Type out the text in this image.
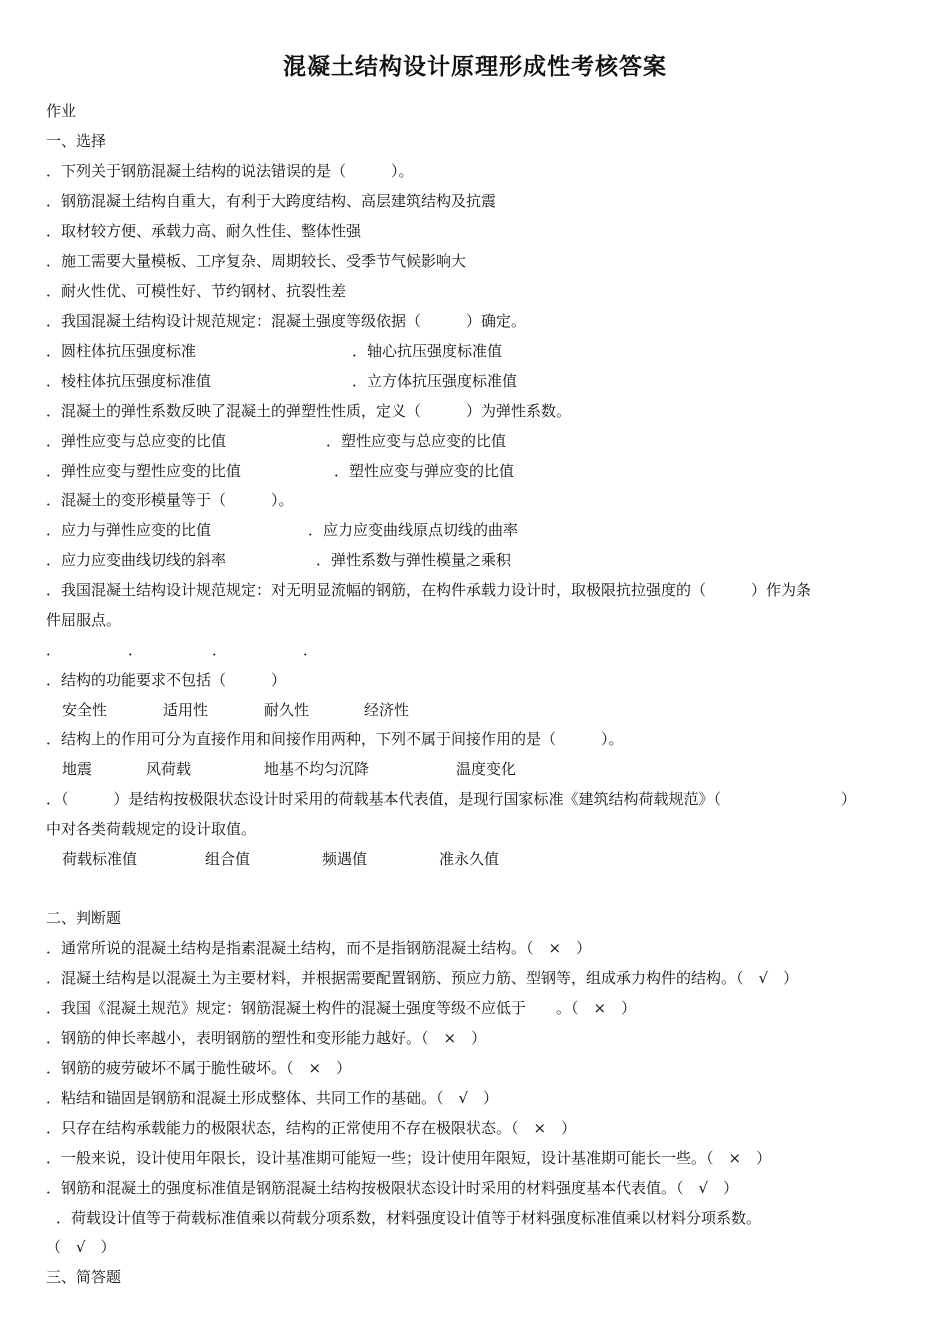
混凝土结构设计原理形成性考核答案
作业
一、选择
．下列关于钢筋混凝土结构的说法错误的是（　　　）。
．钢筋混凝土结构自重大，有利于大跨度结构、高层建筑结构及抗震
．取材较方便、承载力高、耐久性佳、整体性强
．施工需要大量模板、工序复杂、周期较长、受季节气候影响大
．耐火性优、可模性好、节约钢材、抗裂性差
．我国混凝土结构设计规范规定：混凝土强度等级依据（　　　）确定。
．圆柱体抗压强度标准	．轴心抗压强度标准值
．棱柱体抗压强度标准值	．立方体抗压强度标准值
．混凝土的弹性系数反映了混凝土的弹塑性性质，定义（　　　）为弹性系数。
．弹性应变与总应变的比值	．塑性应变与总应变的比值
．弹性应变与塑性应变的比值	．塑性应变与弹应变的比值
．混凝土的变形模量等于（　　　）。
．应力与弹性应变的比值	．应力应变曲线原点切线的曲率
．应力应变曲线切线的斜率	．弹性系数与弹性模量之乘积
．我国混凝土结构设计规范规定：对无明显流幅的钢筋，在构件承载力设计时，取极限抗拉强度的（　　　）作为条
件屈服点。
．	．	．	．
．结构的功能要求不包括（　　　）
安全性	适用性	耐久性	经济性
．结构上的作用可分为直接作用和间接作用两种，下列不属于间接作用的是（　　　）。
地震	风荷载	地基不均匀沉降	温度变化
．（　　　）是结构按极限状态设计时采用的荷载基本代表值，是现行国家标准《建筑结构荷载规范》（　　　　　　　　）
中对各类荷载规定的设计取值。
荷载标准值	组合值	频遇值	准永久值
二、判断题
．通常所说的混凝土结构是指素混凝土结构，而不是指钢筋混凝土结构。（　×　）
．混凝土结构是以混凝土为主要材料，并根据需要配置钢筋、预应力筋、型钢等，组成承力构件的结构。（　√　）
．我国《混凝土规范》规定：钢筋混凝土构件的混凝土强度等级不应低于　　。（　×　）
．钢筋的伸长率越小，表明钢筋的塑性和变形能力越好。（　×　）
．钢筋的疲劳破坏不属于脆性破坏。（　×　）
．粘结和锚固是钢筋和混凝土形成整体、共同工作的基础。（　√　）
．只存在结构承载能力的极限状态，结构的正常使用不存在极限状态。（　×　）
．一般来说，设计使用年限长，设计基准期可能短一些；设计使用年限短，设计基准期可能长一些。（　×　）
．钢筋和混凝土的强度标准值是钢筋混凝土结构按极限状态设计时采用的材料强度基本代表值。（　√　）
．荷载设计值等于荷载标准值乘以荷载分项系数，材料强度设计值等于材料强度标准值乘以材料分项系数。
（　√　）
三、简答题
